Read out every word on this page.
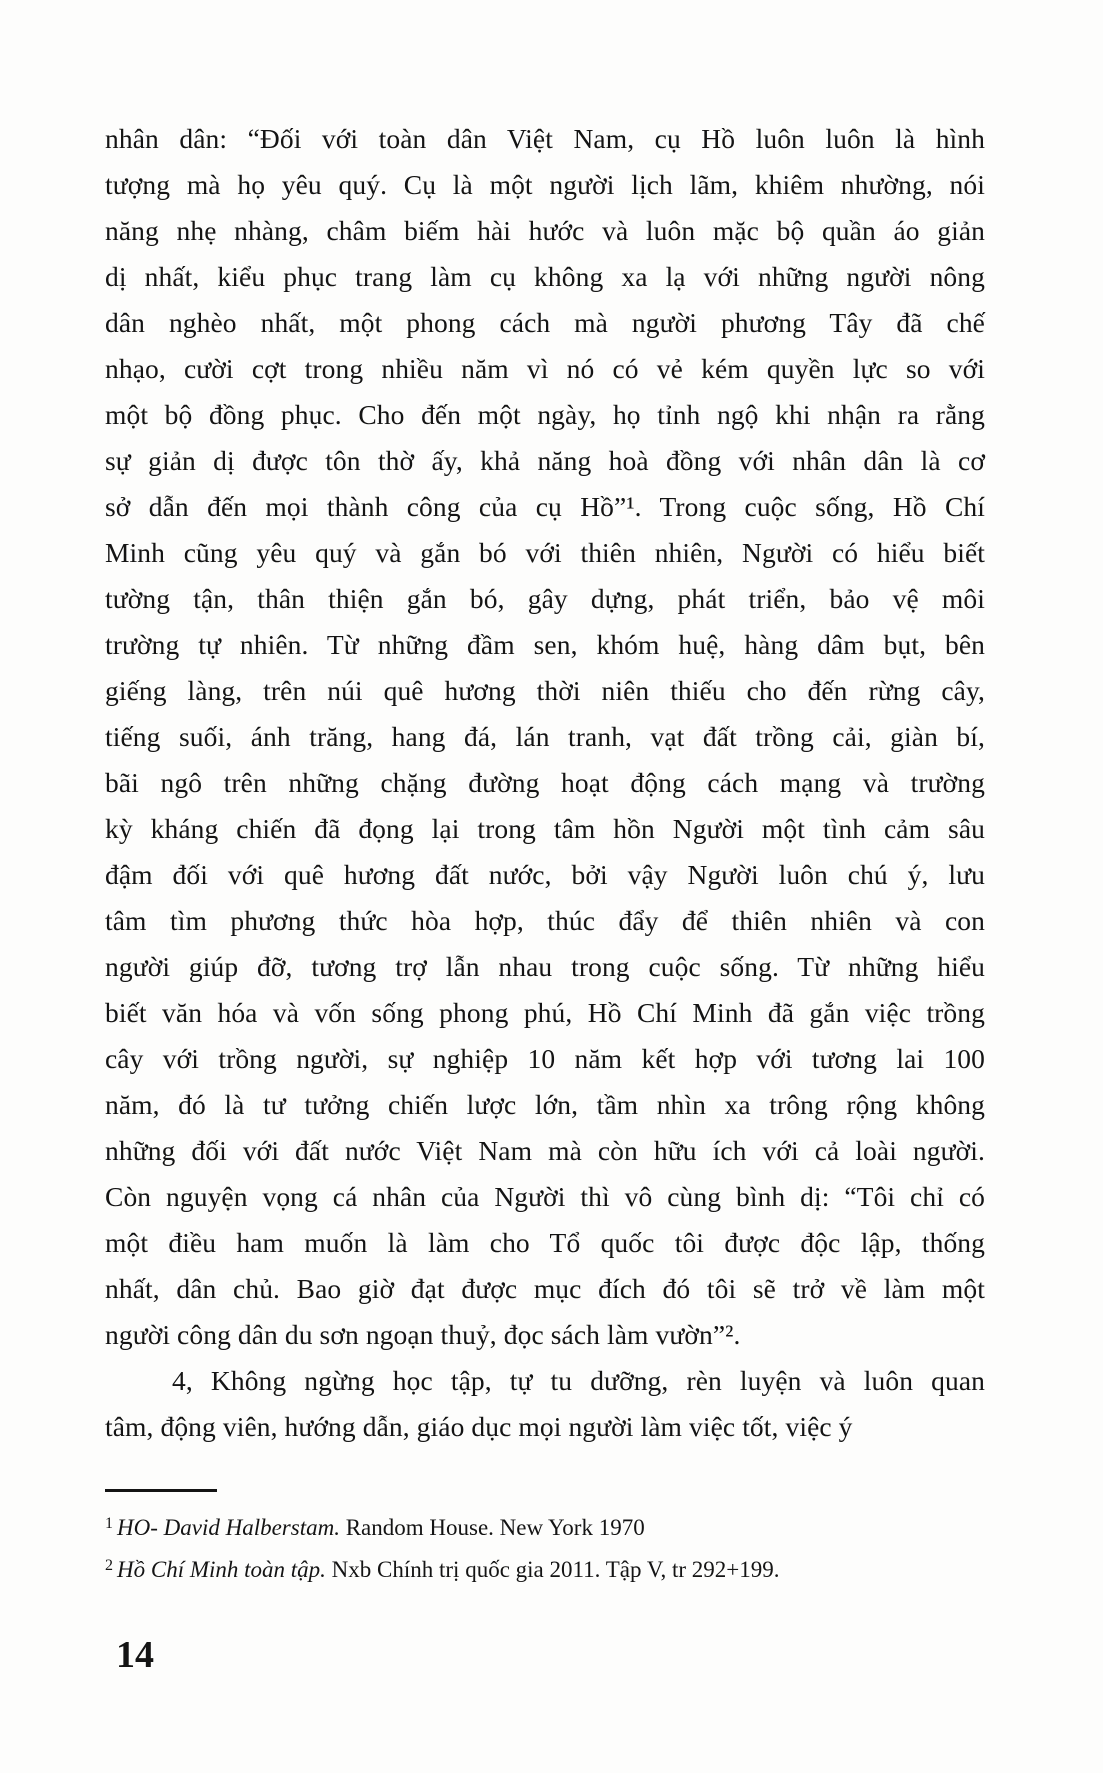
nhân dân: “Đối với toàn dân Việt Nam, cụ Hồ luôn luôn là hình
tượng mà họ yêu quý. Cụ là một người lịch lãm, khiêm nhường, nói
năng nhẹ nhàng, châm biếm hài hước và luôn mặc bộ quần áo giản
dị nhất, kiểu phục trang làm cụ không xa lạ với những người nông
dân nghèo nhất, một phong cách mà người phương Tây đã chế
nhạo, cười cợt trong nhiều năm vì nó có vẻ kém quyền lực so với
một bộ đồng phục. Cho đến một ngày, họ tỉnh ngộ khi nhận ra rằng
sự giản dị được tôn thờ ấy, khả năng hoà đồng với nhân dân là cơ
sở dẫn đến mọi thành công của cụ Hồ”¹. Trong cuộc sống, Hồ Chí
Minh cũng yêu quý và gắn bó với thiên nhiên, Người có hiểu biết
tường tận, thân thiện gắn bó, gây dựng, phát triển, bảo vệ môi
trường tự nhiên. Từ những đầm sen, khóm huệ, hàng dâm bụt, bên
giếng làng, trên núi quê hương thời niên thiếu cho đến rừng cây,
tiếng suối, ánh trăng, hang đá, lán tranh, vạt đất trồng cải, giàn bí,
bãi ngô trên những chặng đường hoạt động cách mạng và trường
kỳ kháng chiến đã đọng lại trong tâm hồn Người một tình cảm sâu
đậm đối với quê hương đất nước, bởi vậy Người luôn chú ý, lưu
tâm tìm phương thức hòa hợp, thúc đẩy để thiên nhiên và con
người giúp đỡ, tương trợ lẫn nhau trong cuộc sống. Từ những hiểu
biết văn hóa và vốn sống phong phú, Hồ Chí Minh đã gắn việc trồng
cây với trồng người, sự nghiệp 10 năm kết hợp với tương lai 100
năm, đó là tư tưởng chiến lược lớn, tầm nhìn xa trông rộng không
những đối với đất nước Việt Nam mà còn hữu ích với cả loài người.
Còn nguyện vọng cá nhân của Người thì vô cùng bình dị: “Tôi chỉ có
một điều ham muốn là làm cho Tổ quốc tôi được độc lập, thống
nhất, dân chủ. Bao giờ đạt được mục đích đó tôi sẽ trở về làm một
người công dân du sơn ngoạn thuỷ, đọc sách làm vườn”².
4, Không ngừng học tập, tự tu dưỡng, rèn luyện và luôn quan
tâm, động viên, hướng dẫn, giáo dục mọi người làm việc tốt, việc ý
$^1$ HO- David Halberstam. Random House. New York 1970
$^2$ Hồ Chí Minh toàn tập. Nxb Chính trị quốc gia 2011. Tập V, tr 292+199.
14
